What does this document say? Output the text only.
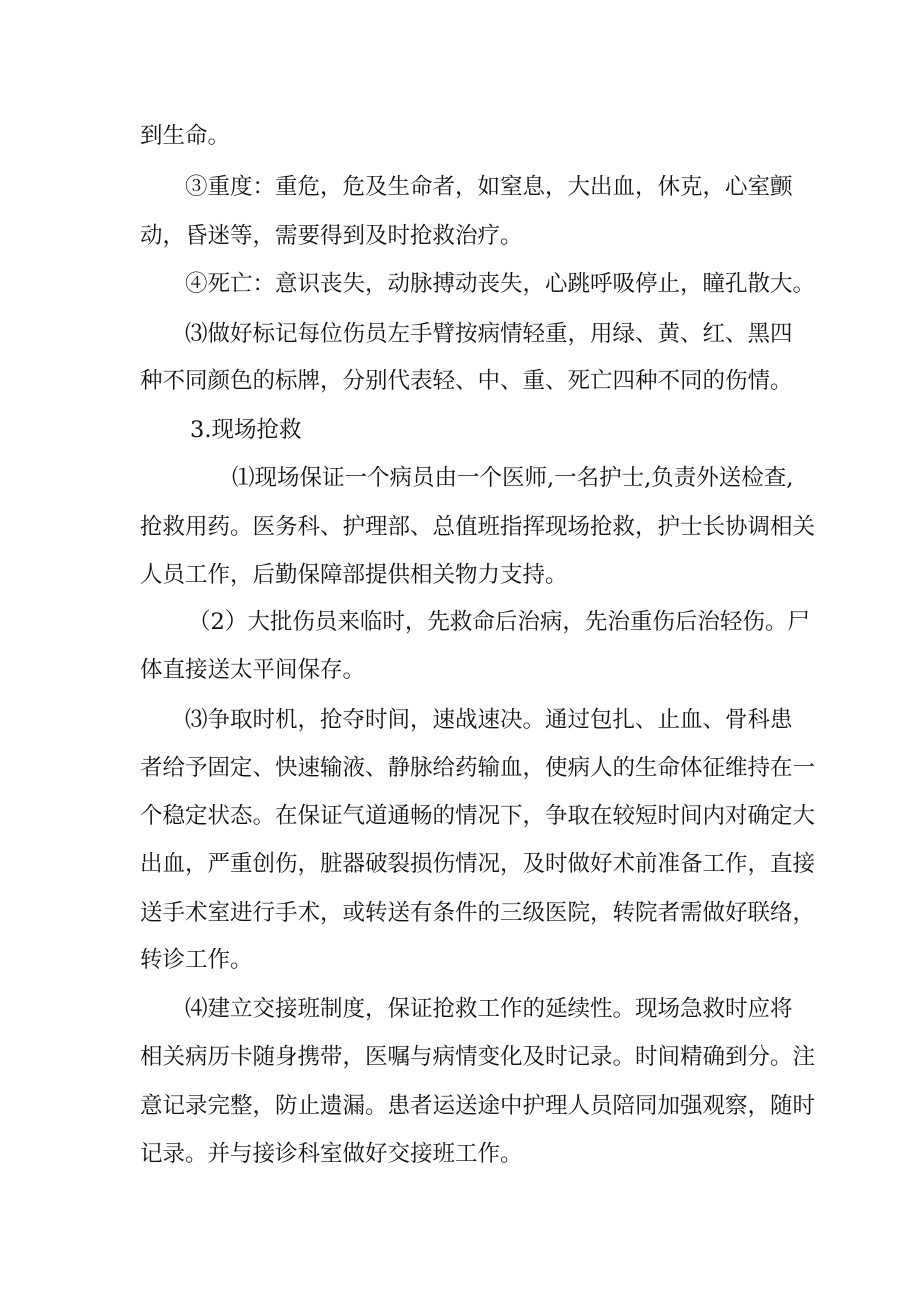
到生命。
③重度：重危，危及生命者，如窒息，大出血，休克，心室颤
动，昏迷等，需要得到及时抢救治疗。
④死亡：意识丧失，动脉搏动丧失，心跳呼吸停止，瞳孔散大。
⑶做好标记每位伤员左手臂按病情轻重，用绿、黄、红、黑四
种不同颜色的标牌，分别代表轻、中、重、死亡四种不同的伤情。
3.现场抢救
⑴现场保证一个病员由一个医师,一名护士,负责外送检查,
抢救用药。医务科、护理部、总值班指挥现场抢救，护士长协调相关
人员工作，后勤保障部提供相关物力支持。
（2）大批伤员来临时，先救命后治病，先治重伤后治轻伤。尸
体直接送太平间保存。
⑶争取时机，抢夺时间，速战速决。通过包扎、止血、骨科患
者给予固定、快速输液、静脉给药输血，使病人的生命体征维持在一
个稳定状态。在保证气道通畅的情况下，争取在较短时间内对确定大
出血，严重创伤，脏器破裂损伤情况，及时做好术前准备工作，直接
送手术室进行手术，或转送有条件的三级医院，转院者需做好联络，
转诊工作。
⑷建立交接班制度，保证抢救工作的延续性。现场急救时应将
相关病历卡随身携带，医嘱与病情变化及时记录。时间精确到分。注
意记录完整，防止遗漏。患者运送途中护理人员陪同加强观察，随时
记录。并与接诊科室做好交接班工作。
